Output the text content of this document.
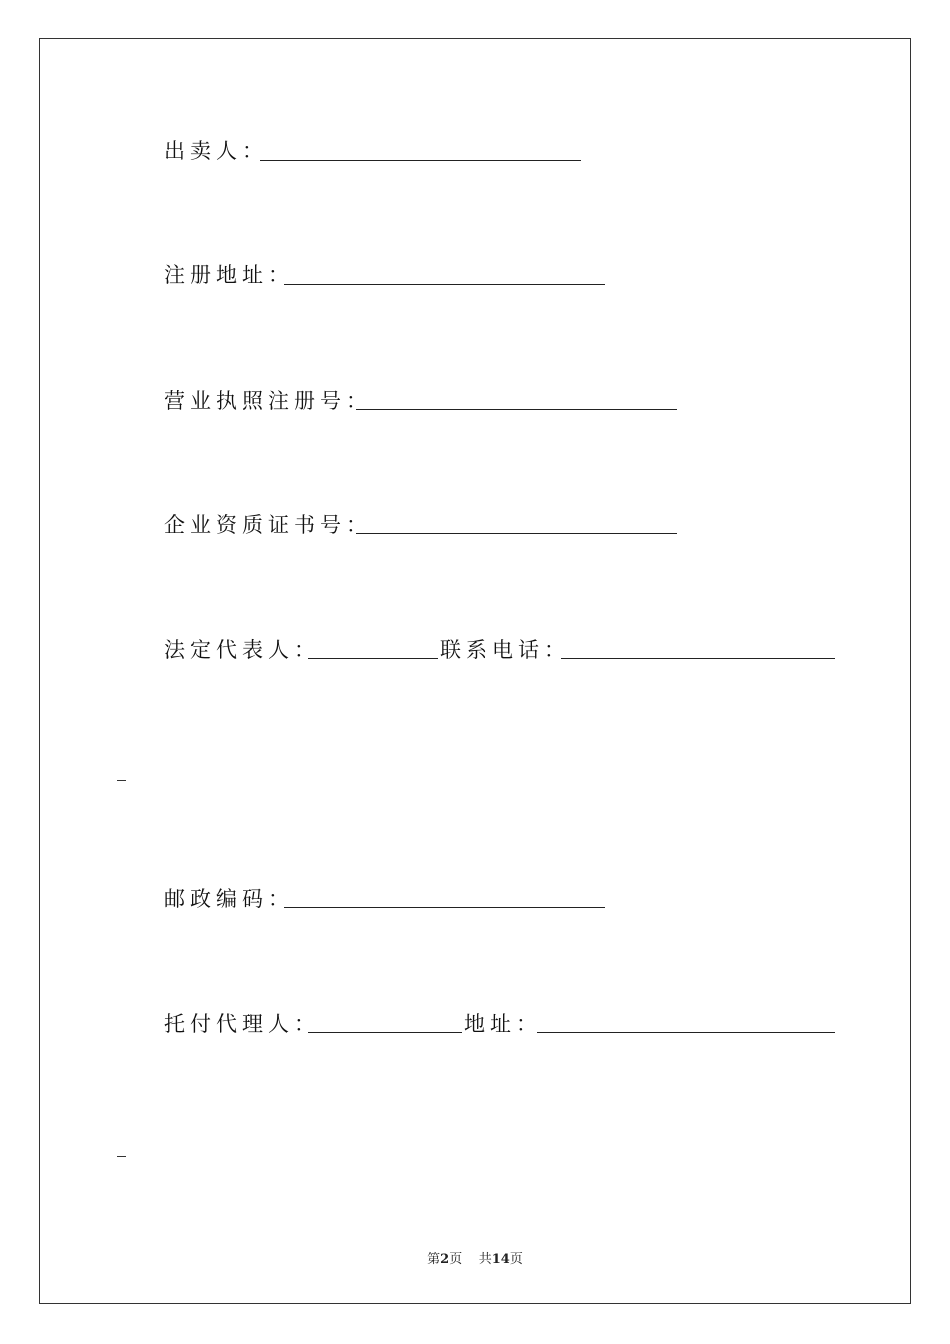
出卖人：
注册地址：
营业执照注册号：
企业资质证书号：
法定代表人：	联系电话：
邮政编码：
托付代理人：	地址：
第2页 共14页
